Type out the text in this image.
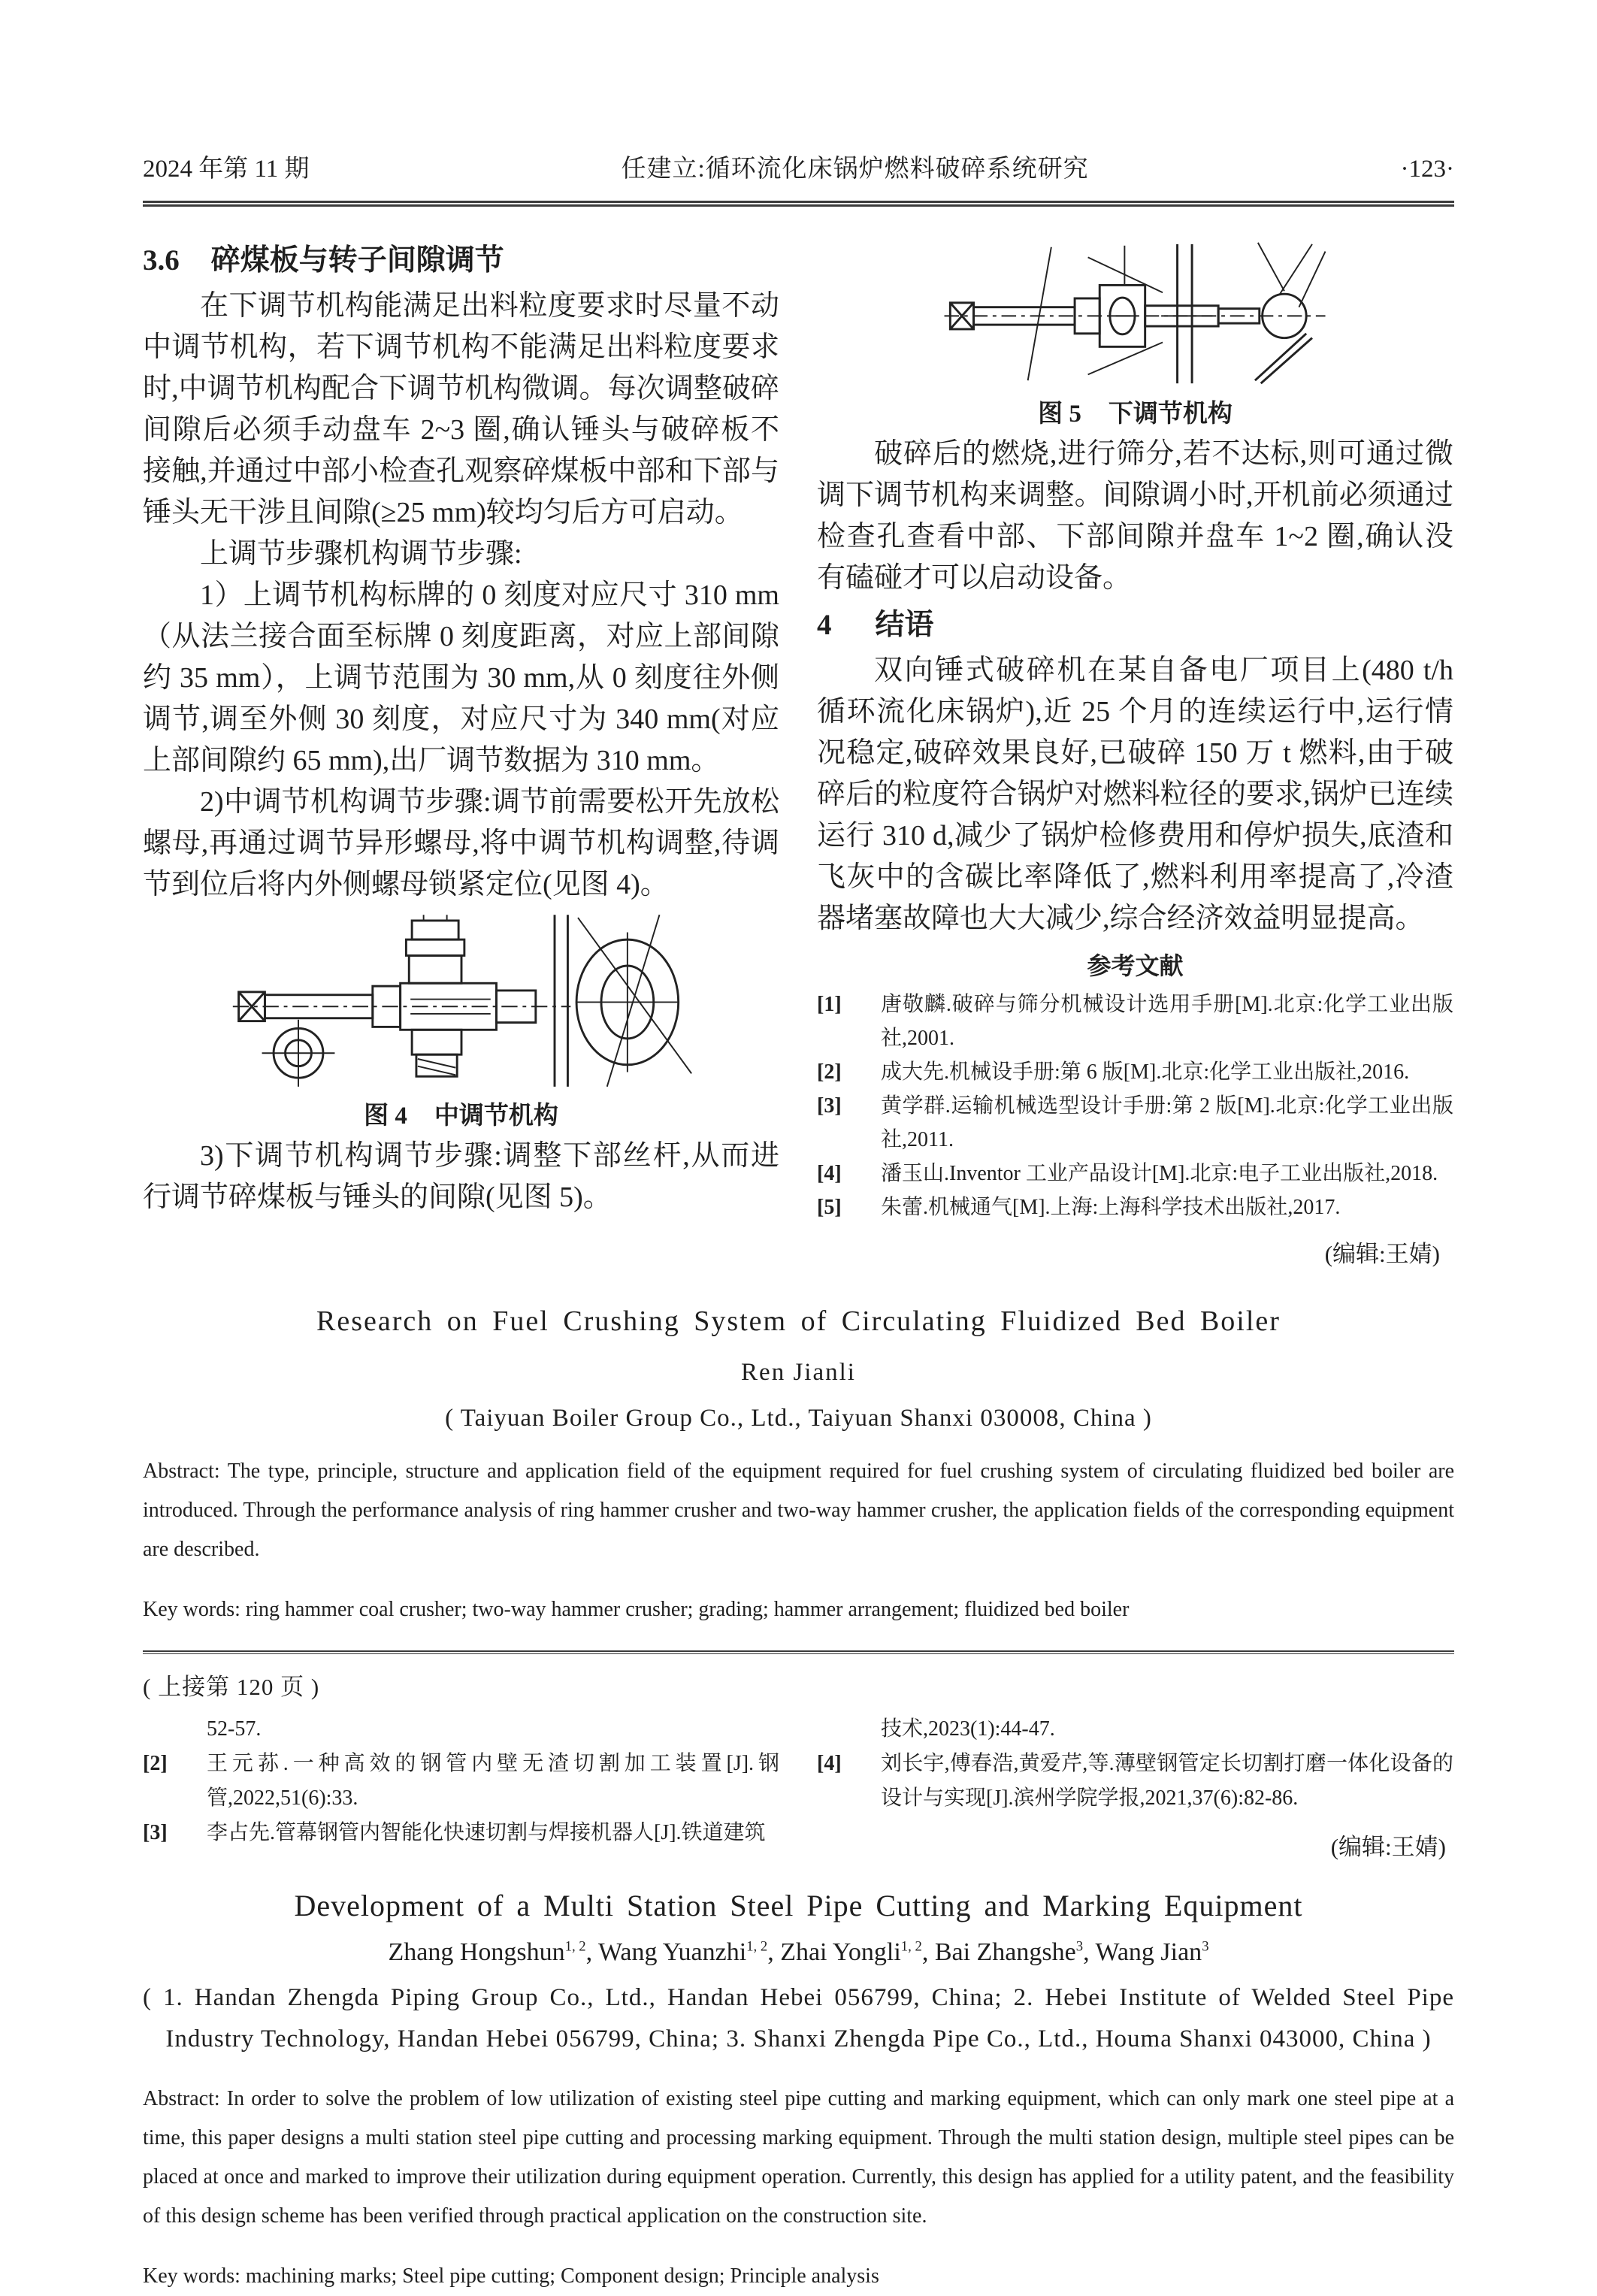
2024 年第 11 期	任建立:循环流化床锅炉燃料破碎系统研究	·123·
3.6 碎煤板与转子间隙调节

在下调节机构能满足出料粒度要求时尽量不动中调节机构，若下调节机构不能满足出料粒度要求时,中调节机构配合下调节机构微调。每次调整破碎间隙后必须手动盘车 2~3 圈,确认锤头与破碎板不接触,并通过中部小检查孔观察碎煤板中部和下部与锤头无干涉且间隙(≥25 mm)较均匀后方可启动。

上调节步骤机构调节步骤:

1）上调节机构标牌的 0 刻度对应尺寸 310 mm（从法兰接合面至标牌 0 刻度距离，对应上部间隙约 35 mm），上调节范围为 30 mm,从 0 刻度往外侧调节,调至外侧 30 刻度，对应尺寸为 340 mm(对应上部间隙约 65 mm),出厂调节数据为 310 mm。

2)中调节机构调节步骤:调节前需要松开先放松螺母,再通过调节异形螺母,将中调节机构调整,待调节到位后将内外侧螺母锁紧定位(见图 4)。

图 4 中调节机构

3)下调节机构调节步骤:调整下部丝杆,从而进行调节碎煤板与锤头的间隙(见图 5)。

图 5 下调节机构

破碎后的燃烧,进行筛分,若不达标,则可通过微调下调节机构来调整。间隙调小时,开机前必须通过检查孔查看中部、下部间隙并盘车 1~2 圈,确认没有磕碰才可以启动设备。

4 结语

双向锤式破碎机在某自备电厂项目上(480 t/h 循环流化床锅炉),近 25 个月的连续运行中,运行情况稳定,破碎效果良好,已破碎 150 万 t 燃料,由于破碎后的粒度符合锅炉对燃料粒径的要求,锅炉已连续运行 310 d,减少了锅炉检修费用和停炉损失,底渣和飞灰中的含碳比率降低了,燃料利用率提高了,冷渣器堵塞故障也大大减少,综合经济效益明显提高。

参考文献
[1]	唐敬麟.破碎与筛分机械设计选用手册[M].北京:化学工业出版社,2001.
[2]	成大先.机械设手册:第 6 版[M].北京:化学工业出版社,2016.
[3]	黄学群.运输机械选型设计手册:第 2 版[M].北京:化学工业出版社,2011.
[4]	潘玉山.Inventor 工业产品设计[M].北京:电子工业出版社,2018.
[5]	朱蕾.机械通气[M].上海:上海科学技术出版社,2017.
(编辑:王婧)
Research on Fuel Crushing System of Circulating Fluidized Bed Boiler
Ren Jianli
( Taiyuan Boiler Group Co., Ltd., Taiyuan Shanxi 030008, China )

Abstract: The type, principle, structure and application field of the equipment required for fuel crushing system of circulating fluidized bed boiler are introduced. Through the performance analysis of ring hammer crusher and two-way hammer crusher, the application fields of the corresponding equipment are described.

Key words: ring hammer coal crusher; two-way hammer crusher; grading; hammer arrangement; fluidized bed boiler

( 上接第 120 页 )
52-57.
[2]	王元荪.一种高效的钢管内壁无渣切割加工装置[J].钢管,2022,51(6):33.
[3]	李占先.管幕钢管内智能化快速切割与焊接机器人[J].铁道建筑
技术,2023(1):44-47.
[4]	刘长宇,傅春浩,黄爱芹,等.薄壁钢管定长切割打磨一体化设备的设计与实现[J].滨州学院学报,2021,37(6):82-86.
(编辑:王婧)
Development of a Multi Station Steel Pipe Cutting and Marking Equipment
Zhang Hongshun$^{1, 2}$ , Wang Yuanzhi$^{1, 2}$ , Zhai Yongli$^{1, 2}$ , Bai Zhangshe$^3$ , Wang Jian$^3$
( 1. Handan Zhengda Piping Group Co., Ltd., Handan Hebei 056799, China; 2. Hebei Institute of Welded Steel Pipe Industry Technology, Handan Hebei 056799, China; 3. Shanxi Zhengda Pipe Co., Ltd., Houma Shanxi 043000, China )

Abstract: In order to solve the problem of low utilization of existing steel pipe cutting and marking equipment, which can only mark one steel pipe at a time, this paper designs a multi station steel pipe cutting and processing marking equipment. Through the multi station design, multiple steel pipes can be placed at once and marked to improve their utilization during equipment operation. Currently, this design has applied for a utility patent, and the feasibility of this design scheme has been verified through practical application on the construction site.

Key words: machining marks; Steel pipe cutting; Component design; Principle analysis
